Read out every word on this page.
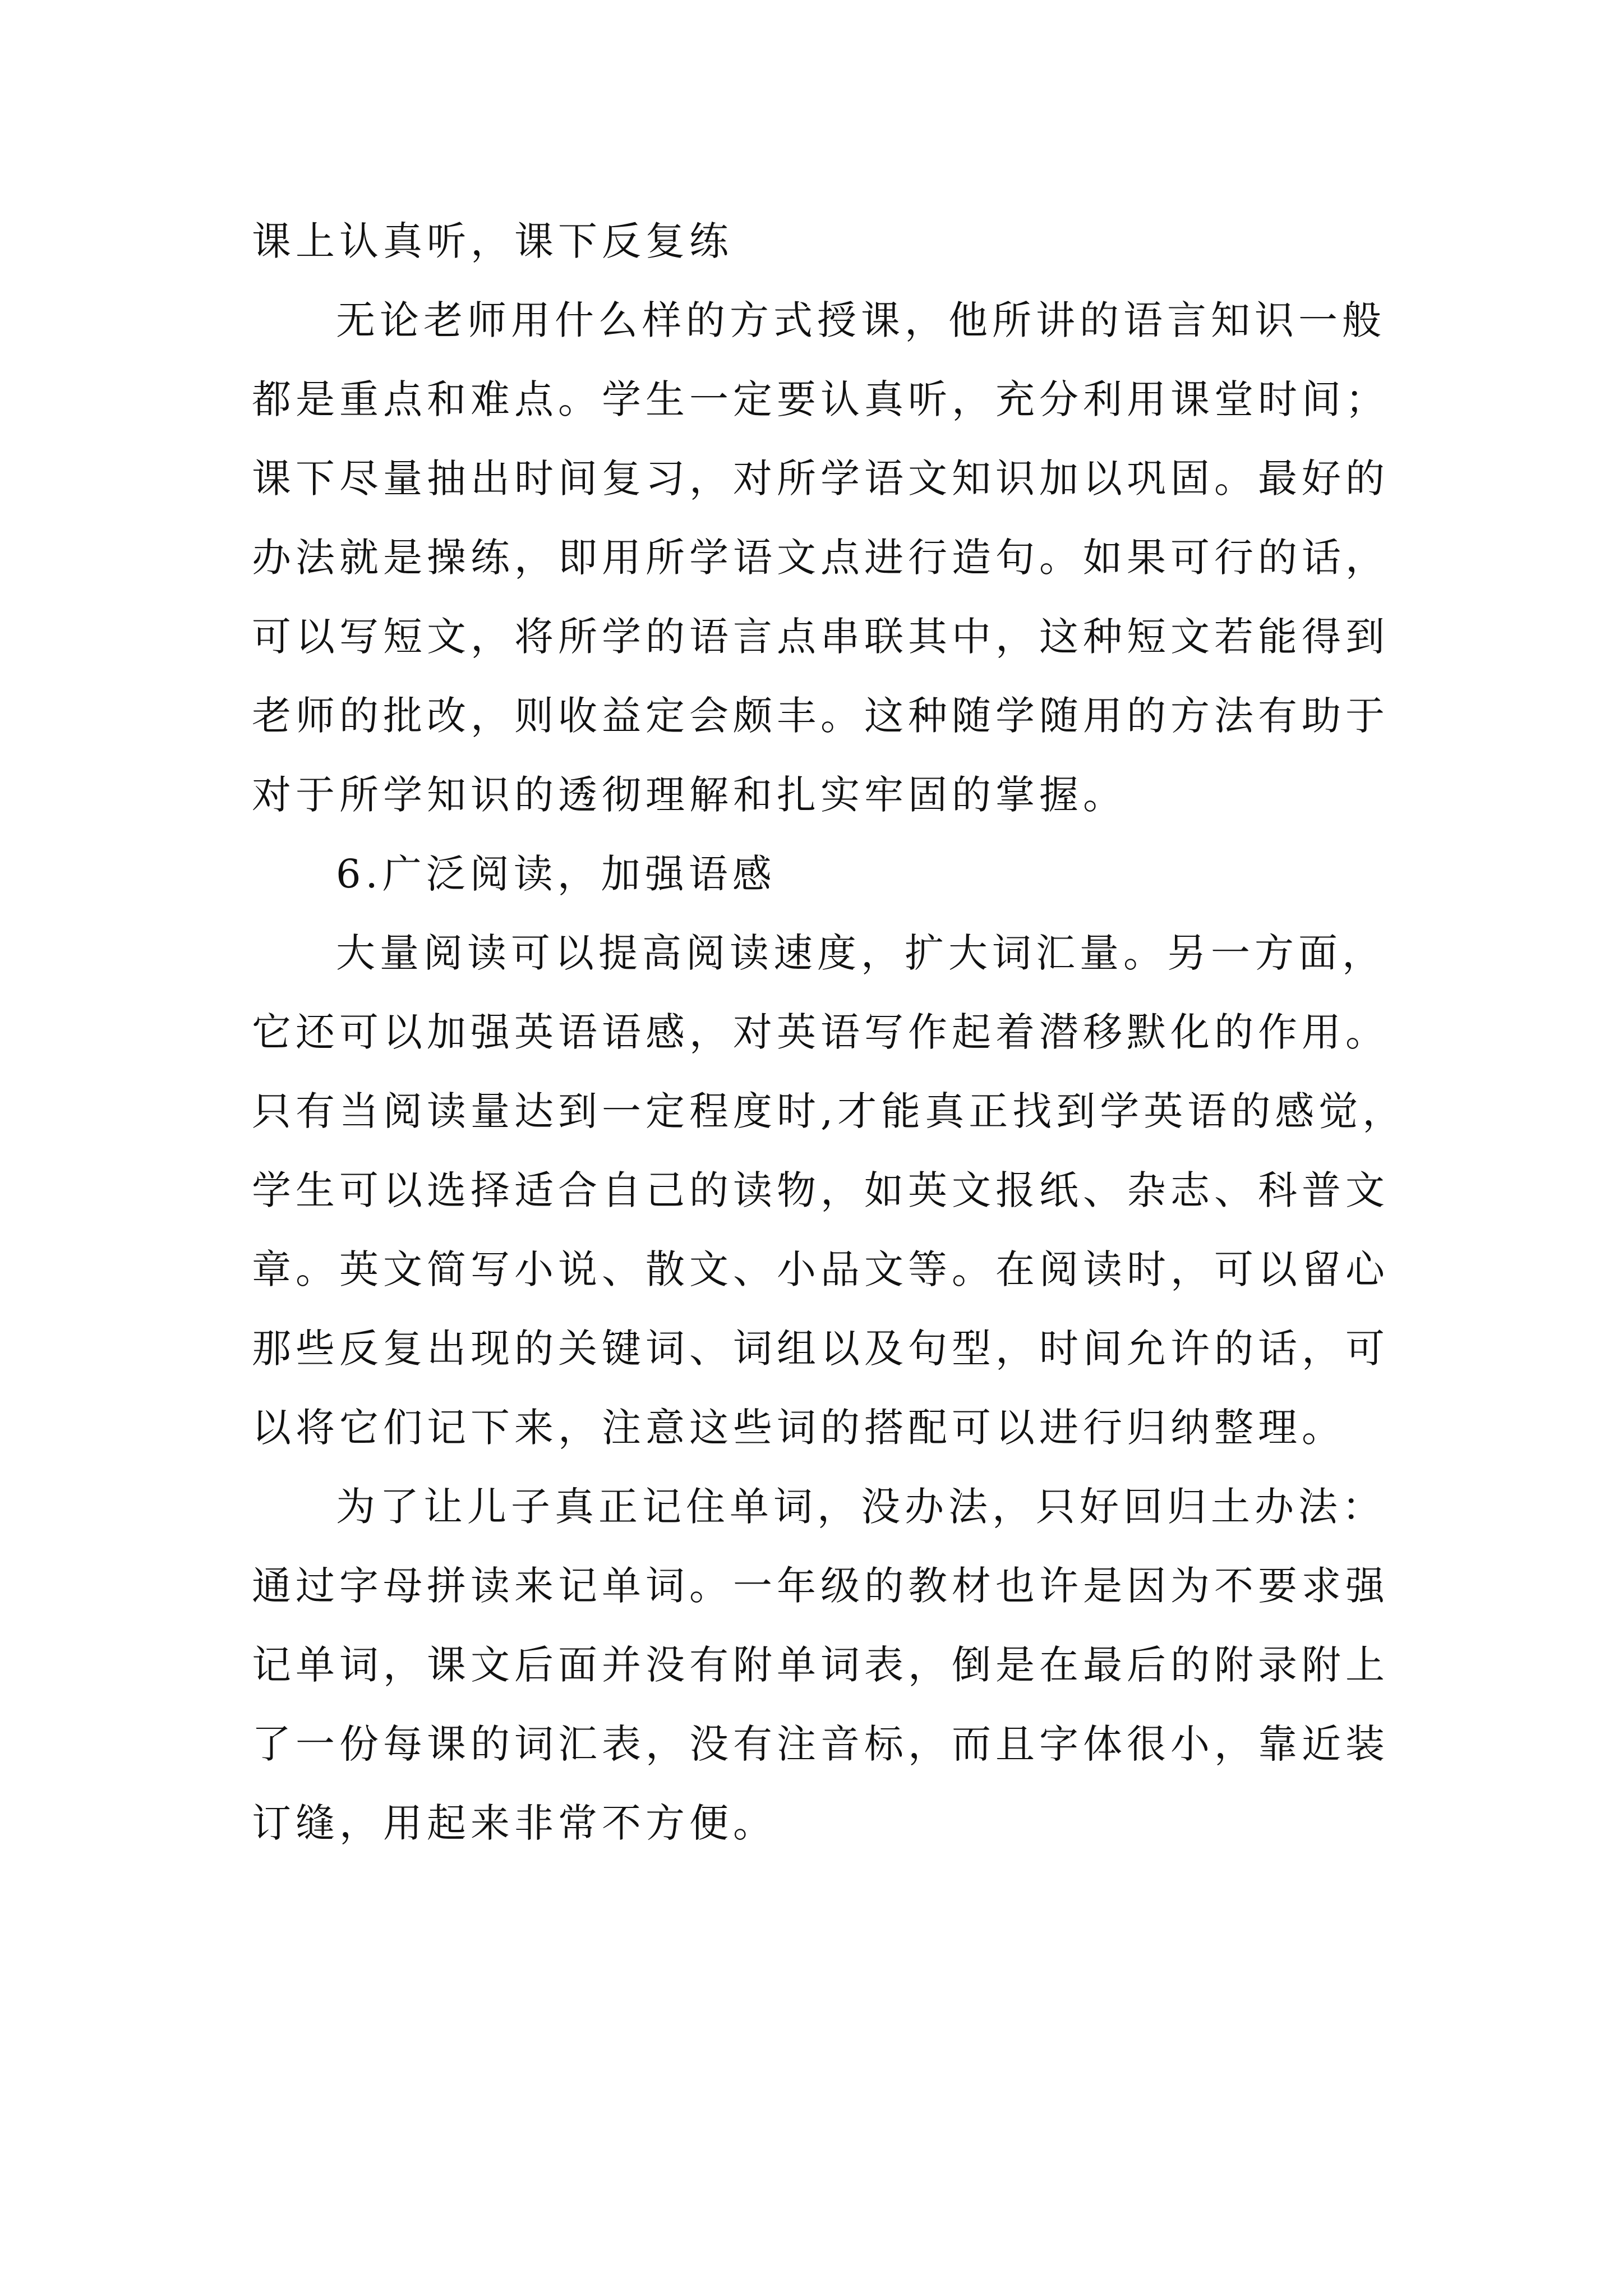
课上认真听，课下反复练
无论老师用什么样的方式授课，他所讲的语言知识一般
都是重点和难点。学生一定要认真听，充分利用课堂时间；
课下尽量抽出时间复习，对所学语文知识加以巩固。最好的
办法就是操练，即用所学语文点进行造句。如果可行的话，
可以写短文，将所学的语言点串联其中，这种短文若能得到
老师的批改，则收益定会颇丰。这种随学随用的方法有助于
对于所学知识的透彻理解和扎实牢固的掌握。
6.广泛阅读，加强语感
大量阅读可以提高阅读速度，扩大词汇量。另一方面，
它还可以加强英语语感，对英语写作起着潜移默化的作用。
只有当阅读量达到一定程度时,才能真正找到学英语的感觉，
学生可以选择适合自己的读物，如英文报纸、杂志、科普文
章。英文简写小说、散文、小品文等。在阅读时，可以留心
那些反复出现的关键词、词组以及句型，时间允许的话，可
以将它们记下来，注意这些词的搭配可以进行归纳整理。
为了让儿子真正记住单词，没办法，只好回归土办法：
通过字母拼读来记单词。一年级的教材也许是因为不要求强
记单词，课文后面并没有附单词表，倒是在最后的附录附上
了一份每课的词汇表，没有注音标，而且字体很小，靠近装
订缝，用起来非常不方便。
